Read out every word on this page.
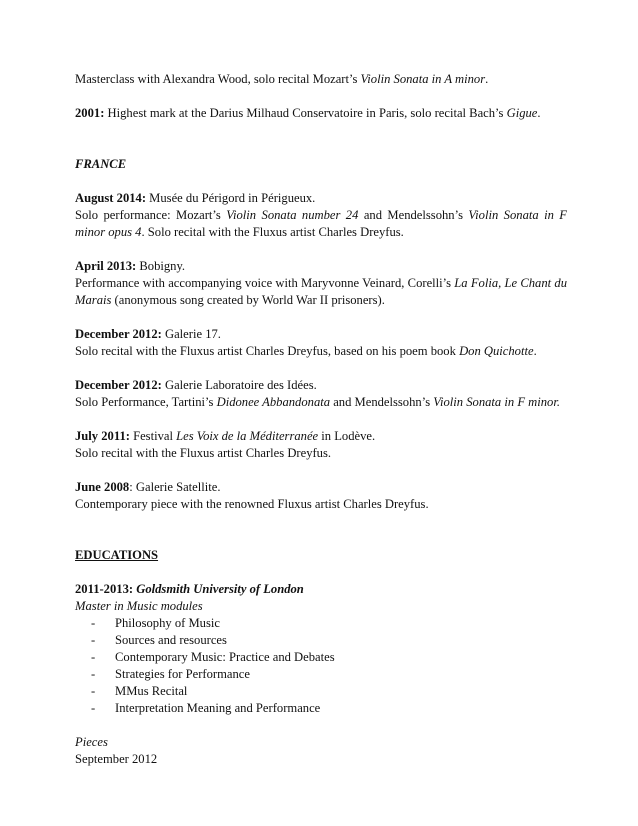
Masterclass with Alexandra Wood, solo recital Mozart’s Violin Sonata in A minor.

2001: Highest mark at the Darius Milhaud Conservatoire in Paris, solo recital Bach’s Gigue.

FRANCE

August 2014: Musée du Périgord in Périgueux.

Solo performance: Mozart’s Violin Sonata number 24 and Mendelssohn’s Violin Sonata in F minor opus 4. Solo recital with the Fluxus artist Charles Dreyfus.

April 2013: Bobigny.

Performance with accompanying voice with Maryvonne Veinard, Corelli’s La Folia, Le Chant du Marais (anonymous song created by World War II prisoners).

December 2012: Galerie 17.

Solo recital with the Fluxus artist Charles Dreyfus, based on his poem book Don Quichotte.

December 2012: Galerie Laboratoire des Idées.

Solo Performance, Tartini’s Didonee Abbandonata and Mendelssohn’s Violin Sonata in F minor.

July 2011: Festival Les Voix de la Méditerranée in Lodève.

Solo recital with the Fluxus artist Charles Dreyfus.

June 2008: Galerie Satellite.

Contemporary piece with the renowned Fluxus artist Charles Dreyfus.

EDUCATIONS

2011-2013: Goldsmith University of London

Master in Music modules

- Philosophy of Music
- Sources and resources
- Contemporary Music: Practice and Debates
- Strategies for Performance
- MMus Recital
- Interpretation Meaning and Performance

Pieces

September 2012
